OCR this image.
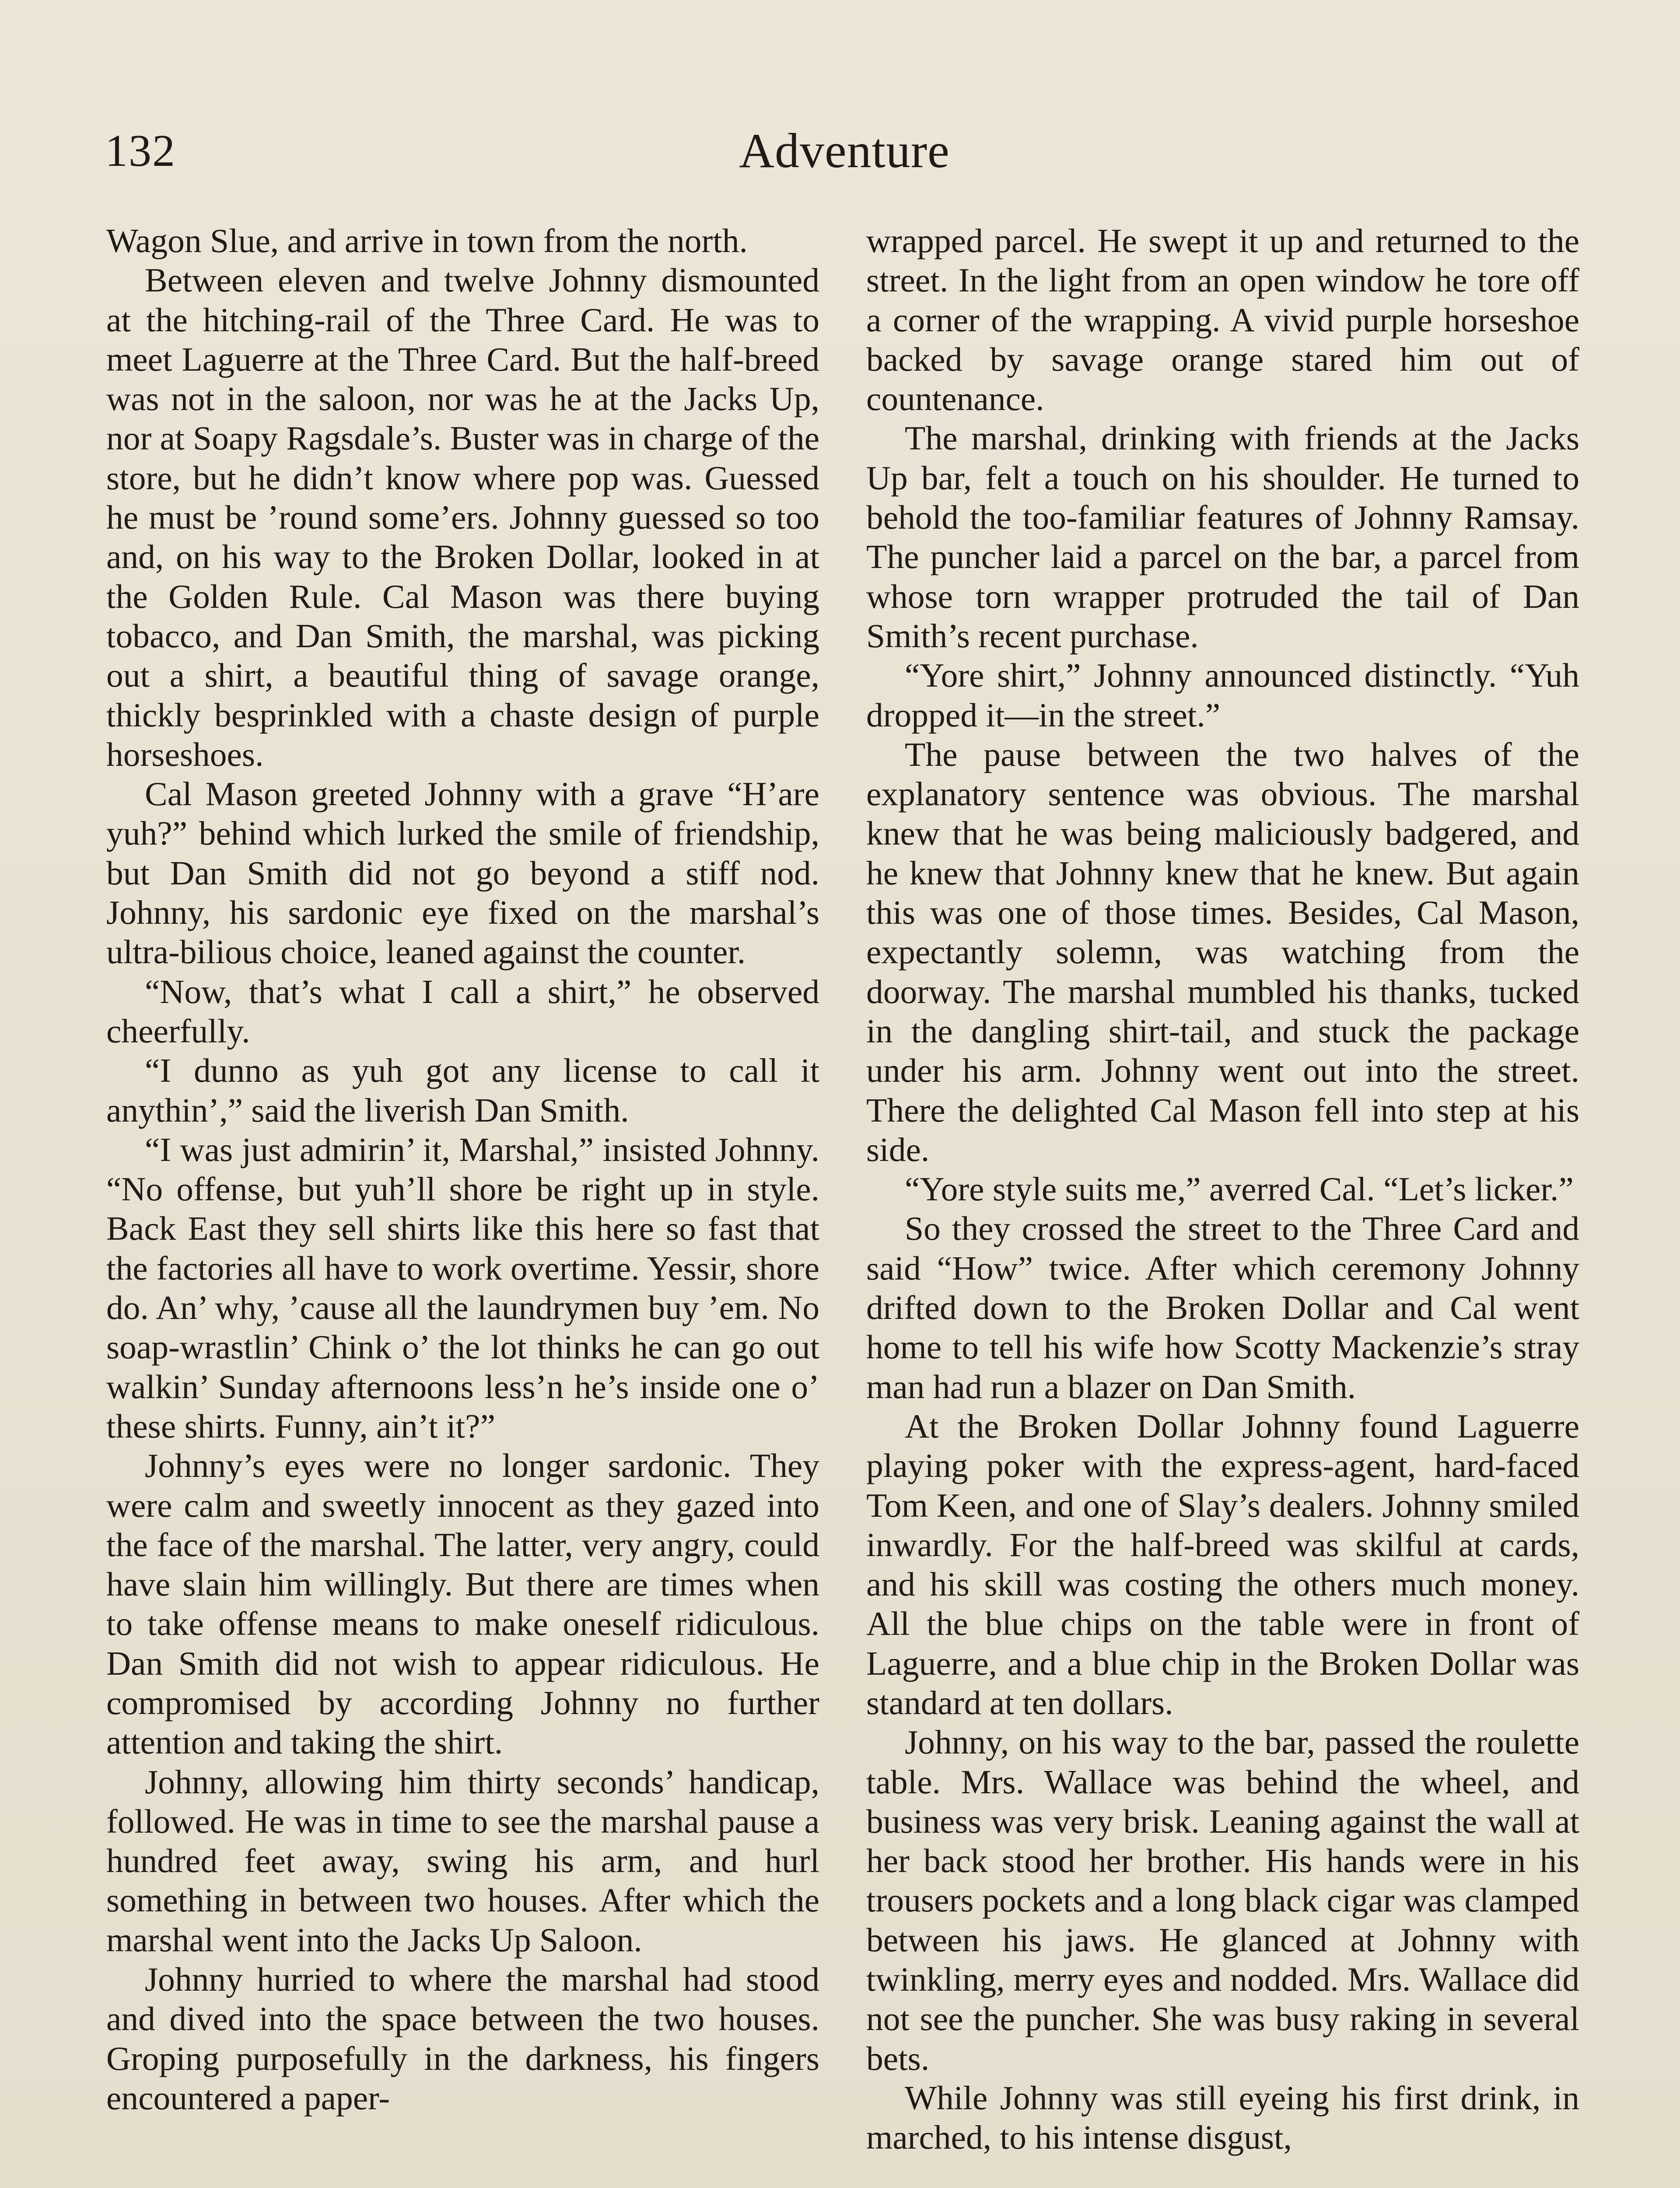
132	Adventure

Wagon Slue, and arrive in town from the north.

Between eleven and twelve Johnny dismounted at the hitching-rail of the Three Card. He was to meet Laguerre at the Three Card. But the half-breed was not in the saloon, nor was he at the Jacks Up, nor at Soapy Ragsdale’s. Buster was in charge of the store, but he didn’t know where pop was. Guessed he must be ’round some’ers. Johnny guessed so too and, on his way to the Broken Dollar, looked in at the Golden Rule. Cal Mason was there buying tobacco, and Dan Smith, the marshal, was picking out a shirt, a beautiful thing of savage orange, thickly besprinkled with a chaste design of purple horseshoes.

Cal Mason greeted Johnny with a grave “H’are yuh?” behind which lurked the smile of friendship, but Dan Smith did not go beyond a stiff nod. Johnny, his sardonic eye fixed on the marshal’s ultra-bilious choice, leaned against the counter.

“Now, that’s what I call a shirt,” he observed cheerfully.

“I dunno as yuh got any license to call it anythin’,” said the liverish Dan Smith.

“I was just admirin’ it, Marshal,” insisted Johnny. “No offense, but yuh’ll shore be right up in style. Back East they sell shirts like this here so fast that the factories all have to work overtime. Yessir, shore do. An’ why, ’cause all the laundrymen buy ’em. No soap-wrastlin’ Chink o’ the lot thinks he can go out walkin’ Sunday afternoons less’n he’s inside one o’ these shirts. Funny, ain’t it?”

Johnny’s eyes were no longer sardonic. They were calm and sweetly innocent as they gazed into the face of the marshal. The latter, very angry, could have slain him willingly. But there are times when to take offense means to make oneself ridiculous. Dan Smith did not wish to appear ridiculous. He compromised by according Johnny no further attention and taking the shirt.

Johnny, allowing him thirty seconds’ handicap, followed. He was in time to see the marshal pause a hundred feet away, swing his arm, and hurl something in between two houses. After which the marshal went into the Jacks Up Saloon.

Johnny hurried to where the marshal had stood and dived into the space between the two houses. Groping purposefully in the darkness, his fingers encountered a paper-

wrapped parcel. He swept it up and returned to the street. In the light from an open window he tore off a corner of the wrapping. A vivid purple horseshoe backed by savage orange stared him out of countenance.

The marshal, drinking with friends at the Jacks Up bar, felt a touch on his shoulder. He turned to behold the too-familiar features of Johnny Ramsay. The puncher laid a parcel on the bar, a parcel from whose torn wrapper protruded the tail of Dan Smith’s recent purchase.

“Yore shirt,” Johnny announced distinctly. “Yuh dropped it—in the street.”

The pause between the two halves of the explanatory sentence was obvious. The marshal knew that he was being maliciously badgered, and he knew that Johnny knew that he knew. But again this was one of those times. Besides, Cal Mason, expectantly solemn, was watching from the doorway. The marshal mumbled his thanks, tucked in the dangling shirt-tail, and stuck the package under his arm. Johnny went out into the street. There the delighted Cal Mason fell into step at his side.

“Yore style suits me,” averred Cal. “Let’s licker.”

So they crossed the street to the Three Card and said “How” twice. After which ceremony Johnny drifted down to the Broken Dollar and Cal went home to tell his wife how Scotty Mackenzie’s stray man had run a blazer on Dan Smith.

At the Broken Dollar Johnny found Laguerre playing poker with the express-agent, hard-faced Tom Keen, and one of Slay’s dealers. Johnny smiled inwardly. For the half-breed was skilful at cards, and his skill was costing the others much money. All the blue chips on the table were in front of Laguerre, and a blue chip in the Broken Dollar was standard at ten dollars.

Johnny, on his way to the bar, passed the roulette table. Mrs. Wallace was behind the wheel, and business was very brisk. Leaning against the wall at her back stood her brother. His hands were in his trousers pockets and a long black cigar was clamped between his jaws. He glanced at Johnny with twinkling, merry eyes and nodded. Mrs. Wallace did not see the puncher. She was busy raking in several bets.

While Johnny was still eyeing his first drink, in marched, to his intense disgust,
